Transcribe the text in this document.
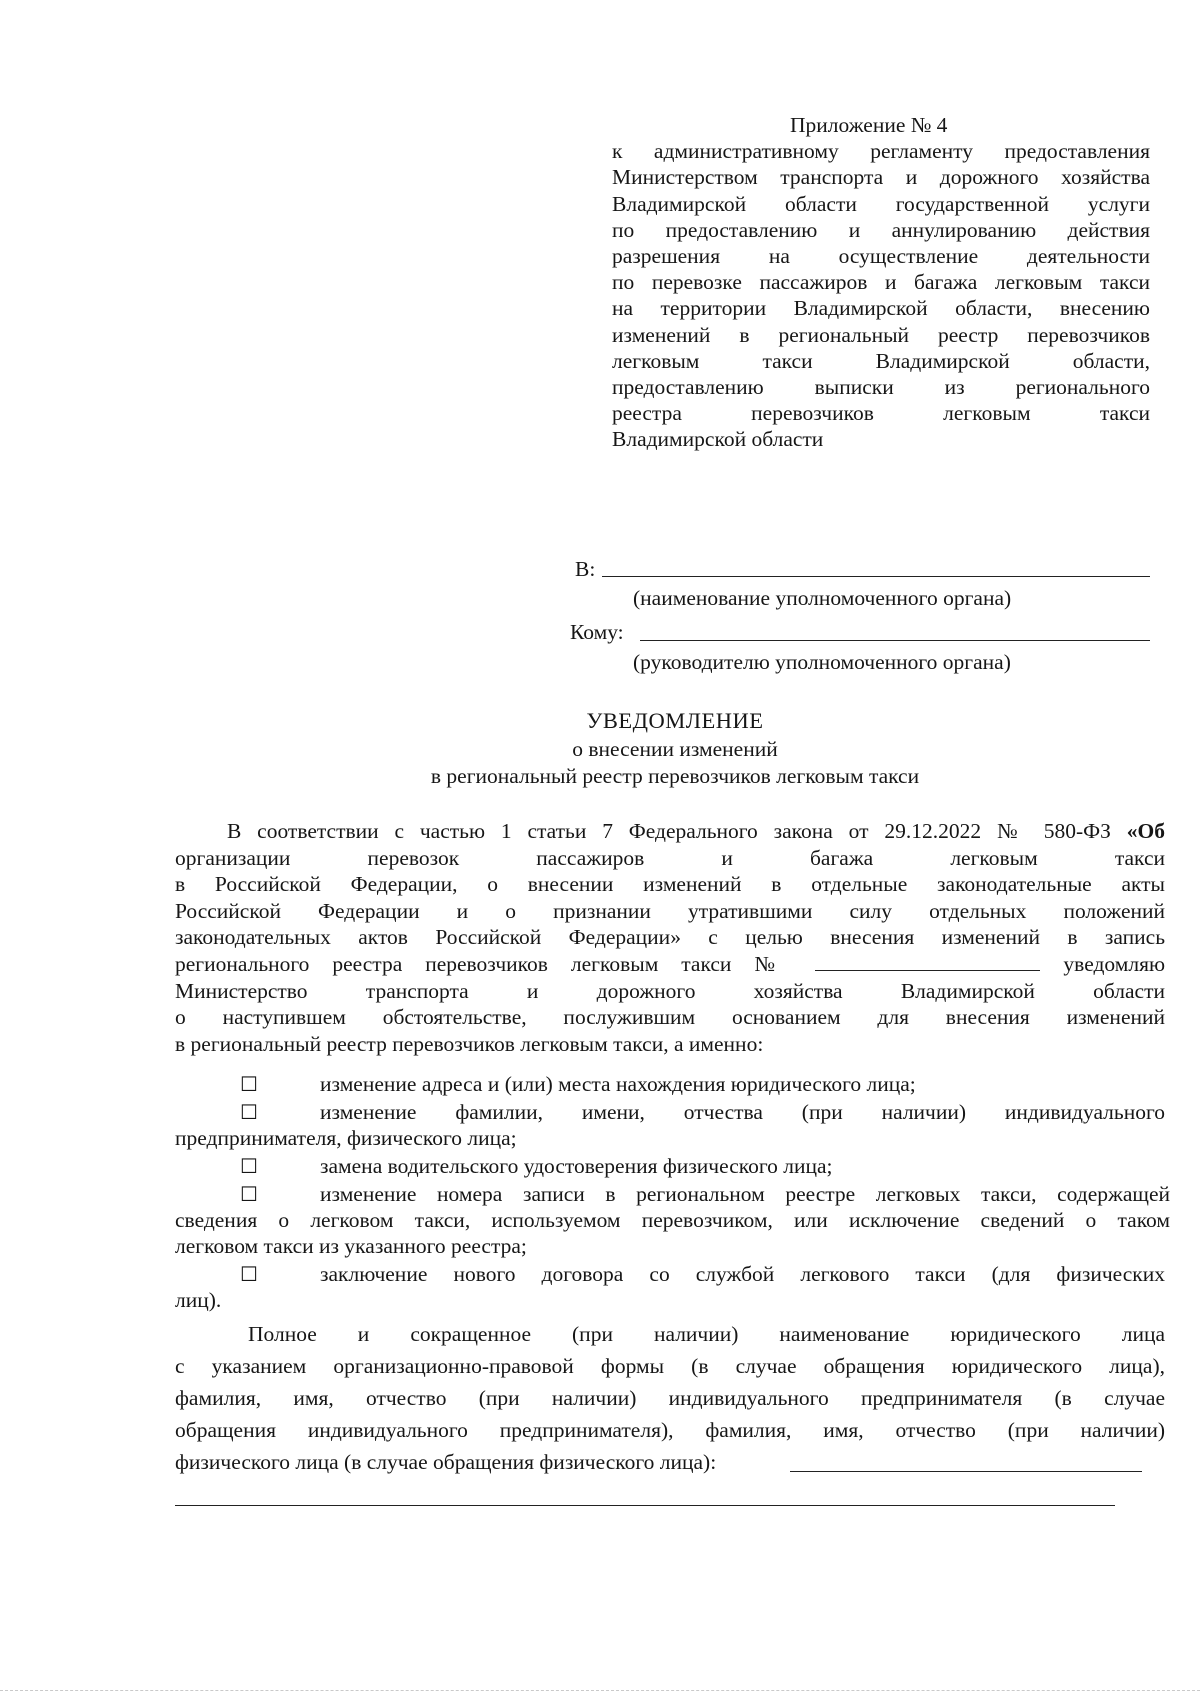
Приложение № 4
к административному регламенту предоставления
Министерством транспорта и дорожного хозяйства
Владимирской области государственной услуги
по предоставлению и аннулированию действия
разрешения на осуществление деятельности
по перевозке пассажиров и багажа легковым такси
на территории Владимирской области, внесению
изменений в региональный реестр перевозчиков
легковым такси Владимирской области,
предоставлению выписки из регионального
реестра перевозчиков легковым такси
Владимирской области
В:
(наименование уполномоченного органа)
Кому:
(руководителю уполномоченного органа)
УВЕДОМЛЕНИЕ
о внесении изменений
в региональный реестр перевозчиков легковым такси
В соответствии с частью 1 статьи 7 Федерального закона от 29.12.2022 № 580-ФЗ «Об
организации перевозок пассажиров и багажа легковым такси
в Российской Федерации, о внесении изменений в отдельные законодательные акты
Российской Федерации и о признании утратившими силу отдельных положений
законодательных актов Российской Федерации» с целью внесения изменений в запись
регионального реестра перевозчиков легковым такси №	уведомляю
Министерство транспорта и дорожного хозяйства Владимирской области
о наступившем обстоятельстве, послужившим основанием для внесения изменений
в региональный реестр перевозчиков легковым такси, а именно:
☐	изменение адреса и (или) места нахождения юридического лица;
☐	изменение фамилии, имени, отчества (при наличии) индивидуального
предпринимателя, физического лица;
☐	замена водительского удостоверения физического лица;
☐	изменение номера записи в региональном реестре легковых такси, содержащей
сведения о легковом такси, используемом перевозчиком, или исключение сведений о таком
легковом такси из указанного реестра;
☐	заключение нового договора со службой легкового такси (для физических
лиц).
Полное и сокращенное (при наличии) наименование юридического лица
с указанием организационно-правовой формы (в случае обращения юридического лица),
фамилия, имя, отчество (при наличии) индивидуального предпринимателя (в случае
обращения индивидуального предпринимателя), фамилия, имя, отчество (при наличии)
физического лица (в случае обращения физического лица):
